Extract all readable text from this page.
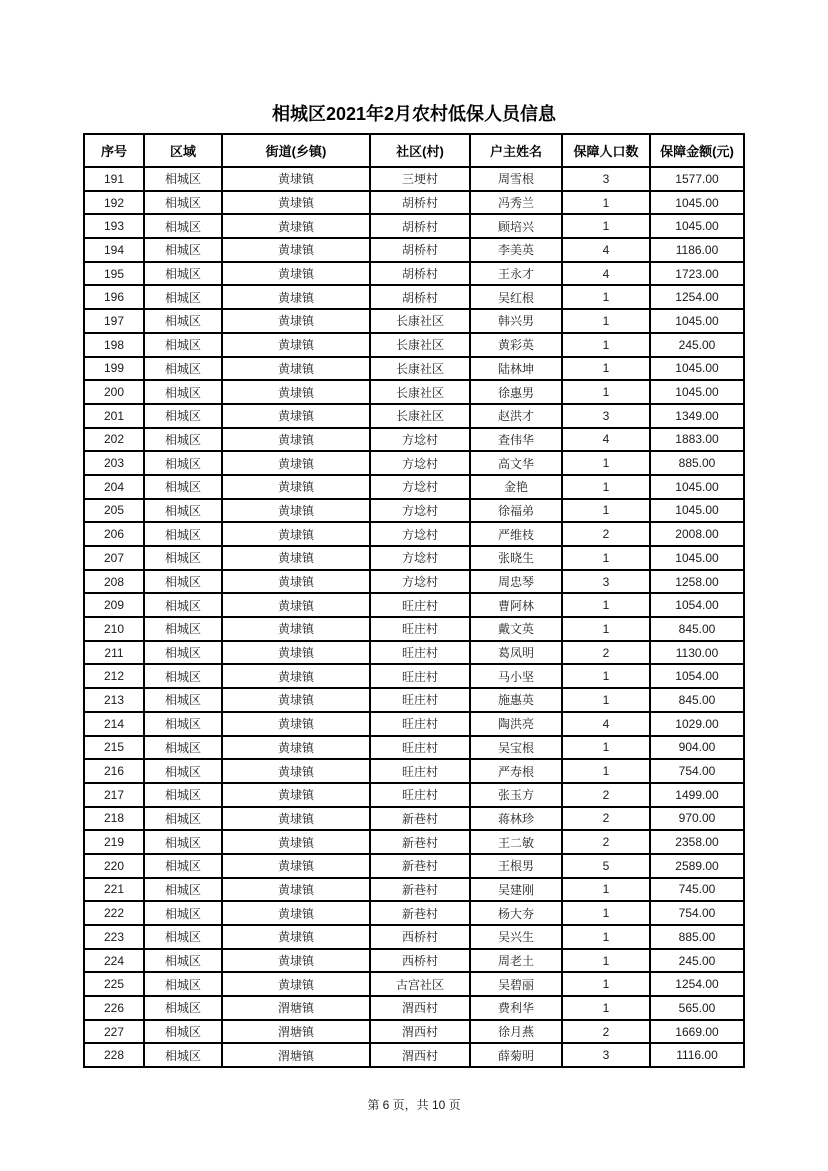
相城区2021年2月农村低保人员信息
序号	区域	街道(乡镇)	社区(村)	户主姓名	保障人口数	保障金额(元)
191	相城区	黄埭镇	三埂村	周雪根	3	1577.00
192	相城区	黄埭镇	胡桥村	冯秀兰	1	1045.00
193	相城区	黄埭镇	胡桥村	顾培兴	1	1045.00
194	相城区	黄埭镇	胡桥村	李美英	4	1186.00
195	相城区	黄埭镇	胡桥村	王永才	4	1723.00
196	相城区	黄埭镇	胡桥村	吴红根	1	1254.00
197	相城区	黄埭镇	长康社区	韩兴男	1	1045.00
198	相城区	黄埭镇	长康社区	黄彩英	1	245.00
199	相城区	黄埭镇	长康社区	陆林坤	1	1045.00
200	相城区	黄埭镇	长康社区	徐惠男	1	1045.00
201	相城区	黄埭镇	长康社区	赵洪才	3	1349.00
202	相城区	黄埭镇	方埝村	查伟华	4	1883.00
203	相城区	黄埭镇	方埝村	高文华	1	885.00
204	相城区	黄埭镇	方埝村	金艳	1	1045.00
205	相城区	黄埭镇	方埝村	徐福弟	1	1045.00
206	相城区	黄埭镇	方埝村	严维枝	2	2008.00
207	相城区	黄埭镇	方埝村	张晓生	1	1045.00
208	相城区	黄埭镇	方埝村	周忠琴	3	1258.00
209	相城区	黄埭镇	旺庄村	曹阿林	1	1054.00
210	相城区	黄埭镇	旺庄村	戴文英	1	845.00
211	相城区	黄埭镇	旺庄村	葛凤明	2	1130.00
212	相城区	黄埭镇	旺庄村	马小坚	1	1054.00
213	相城区	黄埭镇	旺庄村	施惠英	1	845.00
214	相城区	黄埭镇	旺庄村	陶洪亮	4	1029.00
215	相城区	黄埭镇	旺庄村	吴宝根	1	904.00
216	相城区	黄埭镇	旺庄村	严寿根	1	754.00
217	相城区	黄埭镇	旺庄村	张玉方	2	1499.00
218	相城区	黄埭镇	新巷村	蒋林珍	2	970.00
219	相城区	黄埭镇	新巷村	王二敏	2	2358.00
220	相城区	黄埭镇	新巷村	王根男	5	2589.00
221	相城区	黄埭镇	新巷村	吴建刚	1	745.00
222	相城区	黄埭镇	新巷村	杨大夯	1	754.00
223	相城区	黄埭镇	西桥村	吴兴生	1	885.00
224	相城区	黄埭镇	西桥村	周老土	1	245.00
225	相城区	黄埭镇	古宫社区	吴碧丽	1	1254.00
226	相城区	渭塘镇	渭西村	费利华	1	565.00
227	相城区	渭塘镇	渭西村	徐月燕	2	1669.00
228	相城区	渭塘镇	渭西村	薛菊明	3	1116.00
第 6 页，共 10 页
